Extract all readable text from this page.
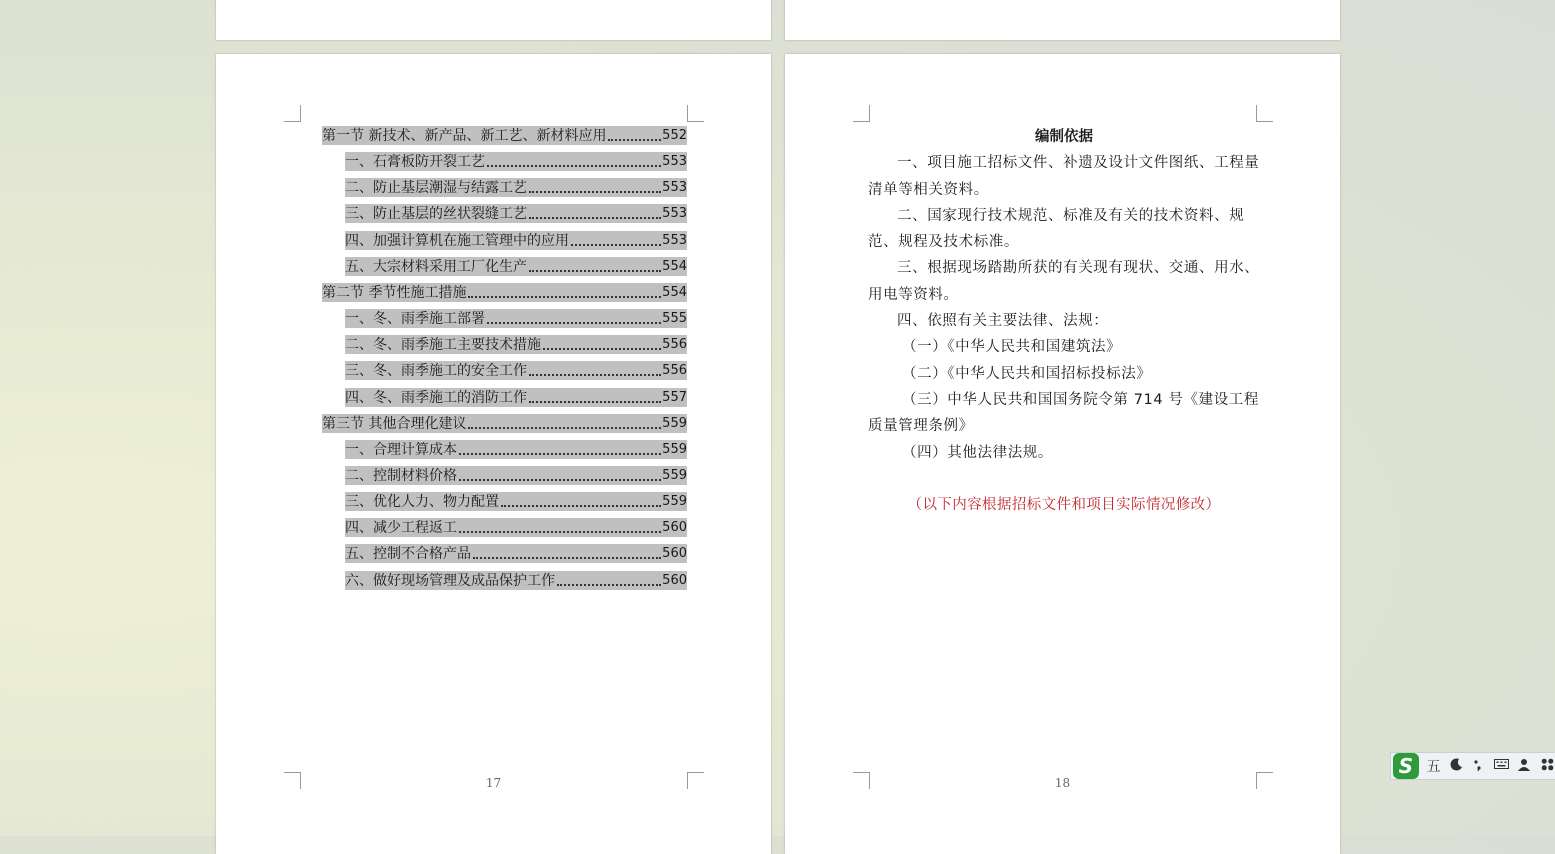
第一节 新技术、新产品、新工艺、新材料应用	552
一、石膏板防开裂工艺	553
二、防止基层潮湿与结露工艺	553
三、防止基层的丝状裂缝工艺	553
四、加强计算机在施工管理中的应用	553
五、大宗材料采用工厂化生产	554
第二节 季节性施工措施	554
一、冬、雨季施工部署	555
二、冬、雨季施工主要技术措施	556
三、冬、雨季施工的安全工作	556
四、冬、雨季施工的消防工作	557
第三节 其他合理化建议	559
一、合理计算成本	559
二、控制材料价格	559
三、优化人力、物力配置	559
四、减少工程返工	560
五、控制不合格产品	560
六、做好现场管理及成品保护工作	560
17
编制依据
一、项目施工招标文件、补遗及设计文件图纸、工程量清单等相关资料。
二、国家现行技术规范、标准及有关的技术资料、规范、规程及技术标准。
三、根据现场踏勘所获的有关现有现状、交通、用水、用电等资料。
四、依照有关主要法律、法规：
（一）《中华人民共和国建筑法》
（二）《中华人民共和国招标投标法》
（三）中华人民共和国国务院令第 714 号《建设工程质量管理条例》
（四）其他法律法规。
（以下内容根据招标文件和项目实际情况修改）
18
S 五
